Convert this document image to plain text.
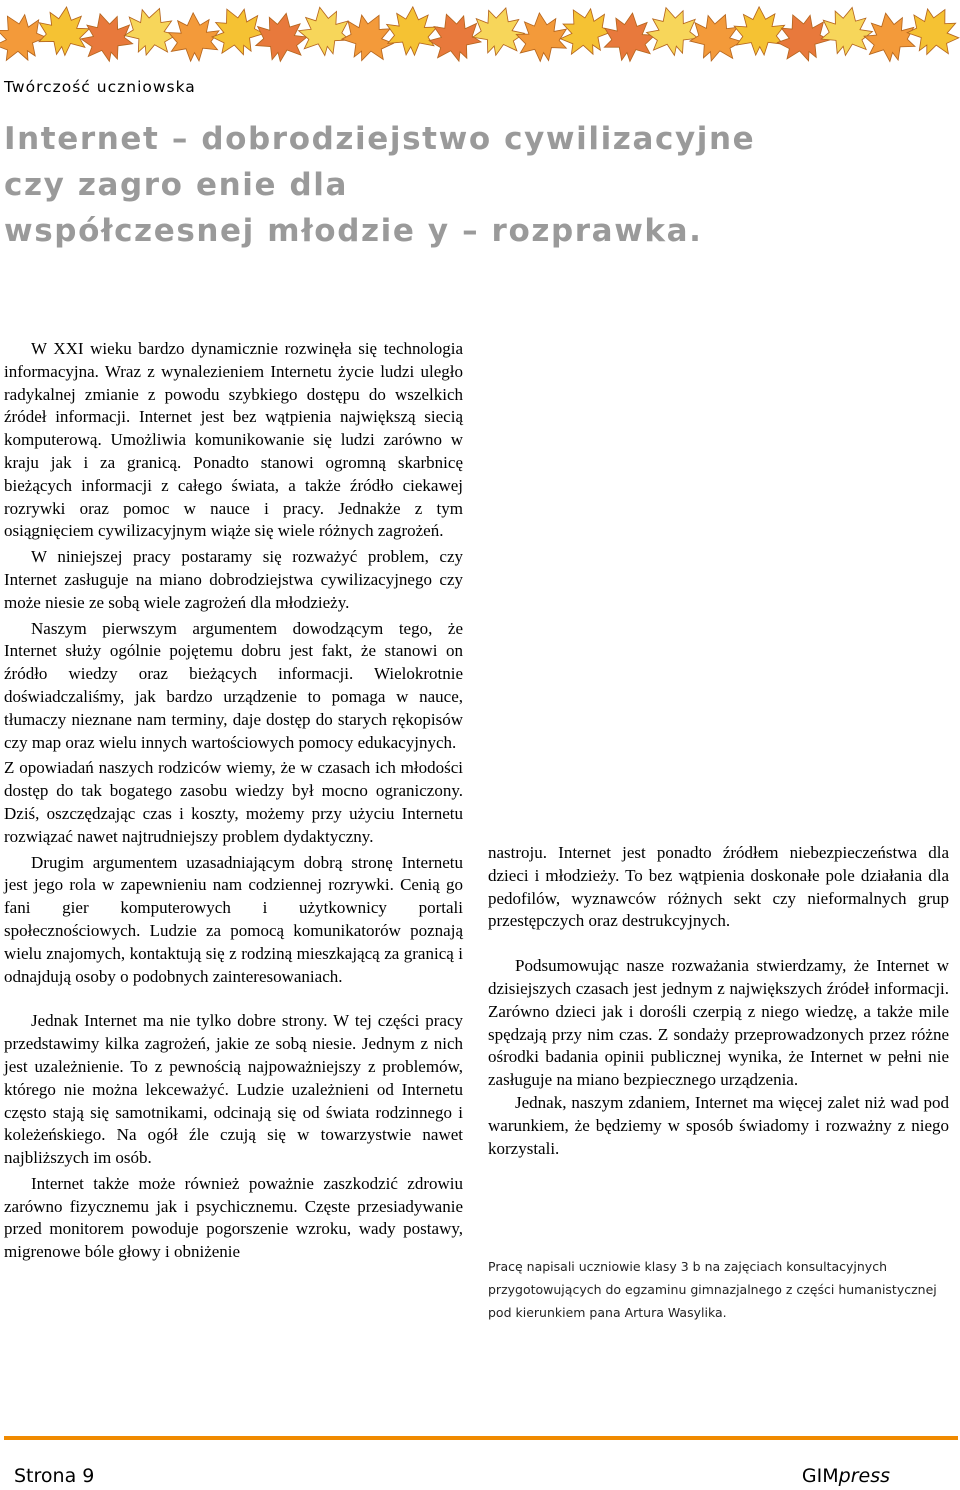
Twórczość uczniowska

Internet – dobrodziejstwo cywilizacyjne
czy zagro enie dla
współczesnej młodzie y – rozprawka.

W XXI wieku bardzo dynamicznie rozwinęła się technologia informacyjna. Wraz z wynalezieniem Internetu życie ludzi uległo radykalnej zmianie z powodu szybkiego dostępu do wszelkich źródeł informacji. Internet jest bez wątpienia największą siecią komputerową. Umożliwia komunikowanie się ludzi zarówno w kraju jak i za granicą. Ponadto stanowi ogromną skarbnicę bieżących informacji z całego świata, a także źródło ciekawej rozrywki oraz pomoc w nauce i pracy. Jednakże z tym osiągnięciem cywilizacyjnym wiąże się wiele różnych zagrożeń.

W niniejszej pracy postaramy się rozważyć problem, czy Internet zasługuje na miano dobrodziejstwa cywilizacyjnego czy może niesie ze sobą wiele zagrożeń dla młodzieży.

Naszym pierwszym argumentem dowodzącym tego, że Internet służy ogólnie pojętemu dobru jest fakt, że stanowi on źródło wiedzy oraz bieżących informacji. Wielokrotnie doświadczaliśmy, jak bardzo urządzenie to pomaga w nauce, tłumaczy nieznane nam terminy, daje dostęp do starych rękopisów czy map oraz wielu innych wartościowych pomocy edukacyjnych.

Z opowiadań naszych rodziców wiemy, że w czasach ich młodości dostęp do tak bogatego zasobu wiedzy był mocno ograniczony. Dziś, oszczędzając czas i koszty, możemy przy użyciu Internetu rozwiązać nawet najtrudniejszy problem dydaktyczny.

Drugim argumentem uzasadniającym dobrą stronę Internetu jest jego rola w zapewnieniu nam codziennej rozrywki. Cenią go fani gier komputerowych i użytkownicy portali społecznościowych. Ludzie za pomocą komunikatorów poznają wielu znajomych, kontaktują się z rodziną mieszkającą za granicą i odnajdują osoby o podobnych zainteresowaniach.

Jednak Internet ma nie tylko dobre strony. W tej części pracy przedstawimy kilka zagrożeń, jakie ze sobą niesie. Jednym z nich jest uzależnienie. To z pewnością najpoważniejszy z problemów, którego nie można lekceważyć. Ludzie uzależnieni od Internetu często stają się samotnikami, odcinają się od świata rodzinnego i koleżeńskiego. Na ogół źle czują się w towarzystwie nawet najbliższych im osób.

Internet także może również poważnie zaszkodzić zdrowiu zarówno fizycznemu jak i psychicznemu. Częste przesiadywanie przed monitorem powoduje pogorszenie wzroku, wady postawy, migrenowe bóle głowy i obniżenie

nastroju. Internet jest ponadto źródłem niebezpieczeństwa dla dzieci i młodzieży. To bez wątpienia doskonałe pole działania dla pedofilów, wyznawców różnych sekt czy nieformalnych grup przestępczych oraz destrukcyjnych.

Podsumowując nasze rozważania stwierdzamy, że Internet w dzisiejszych czasach jest jednym z największych źródeł informacji. Zarówno dzieci jak i dorośli czerpią z niego wiedzę, a także mile spędzają przy nim czas. Z sondaży przeprowadzonych przez różne ośrodki badania opinii publicznej wynika, że Internet w pełni nie zasługuje na miano bezpiecznego urządzenia.

Jednak, naszym zdaniem, Internet ma więcej zalet niż wad pod warunkiem, że będziemy w sposób świadomy i rozważny z niego korzystali.

Pracę napisali uczniowie klasy 3 b na zajęciach konsultacyjnych przygotowujących do egzaminu gimnazjalnego z części humanistycznej pod kierunkiem pana Artura Wasylika.

Strona 9	GIMpress
